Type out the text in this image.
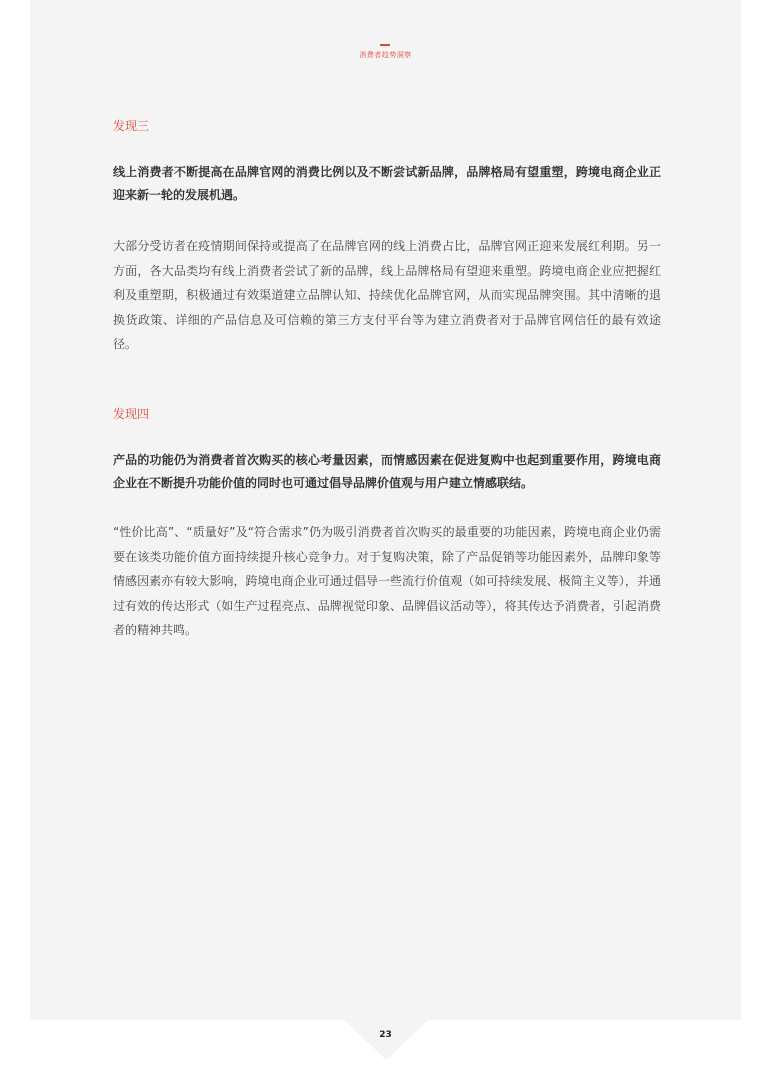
消费者趋势洞察
发现三
线上消费者不断提高在品牌官网的消费比例以及不断尝试新品牌，品牌格局有望重塑，跨境电商企业正迎来新一轮的发展机遇。
大部分受访者在疫情期间保持或提高了在品牌官网的线上消费占比，品牌官网正迎来发展红利期。另一方面，各大品类均有线上消费者尝试了新的品牌，线上品牌格局有望迎来重塑。跨境电商企业应把握红利及重塑期，积极通过有效渠道建立品牌认知、持续优化品牌官网，从而实现品牌突围。其中清晰的退换货政策、详细的产品信息及可信赖的第三方支付平台等为建立消费者对于品牌官网信任的最有效途径。
发现四
产品的功能仍为消费者首次购买的核心考量因素，而情感因素在促进复购中也起到重要作用，跨境电商企业在不断提升功能价值的同时也可通过倡导品牌价值观与用户建立情感联结。
“性价比高”、“质量好”及“符合需求”仍为吸引消费者首次购买的最重要的功能因素，跨境电商企业仍需要在该类功能价值方面持续提升核心竞争力。对于复购决策，除了产品促销等功能因素外，品牌印象等情感因素亦有较大影响，跨境电商企业可通过倡导一些流行价值观（如可持续发展、极简主义等），并通过有效的传达形式（如生产过程亮点、品牌视觉印象、品牌倡议活动等），将其传达予消费者，引起消费者的精神共鸣。
23
